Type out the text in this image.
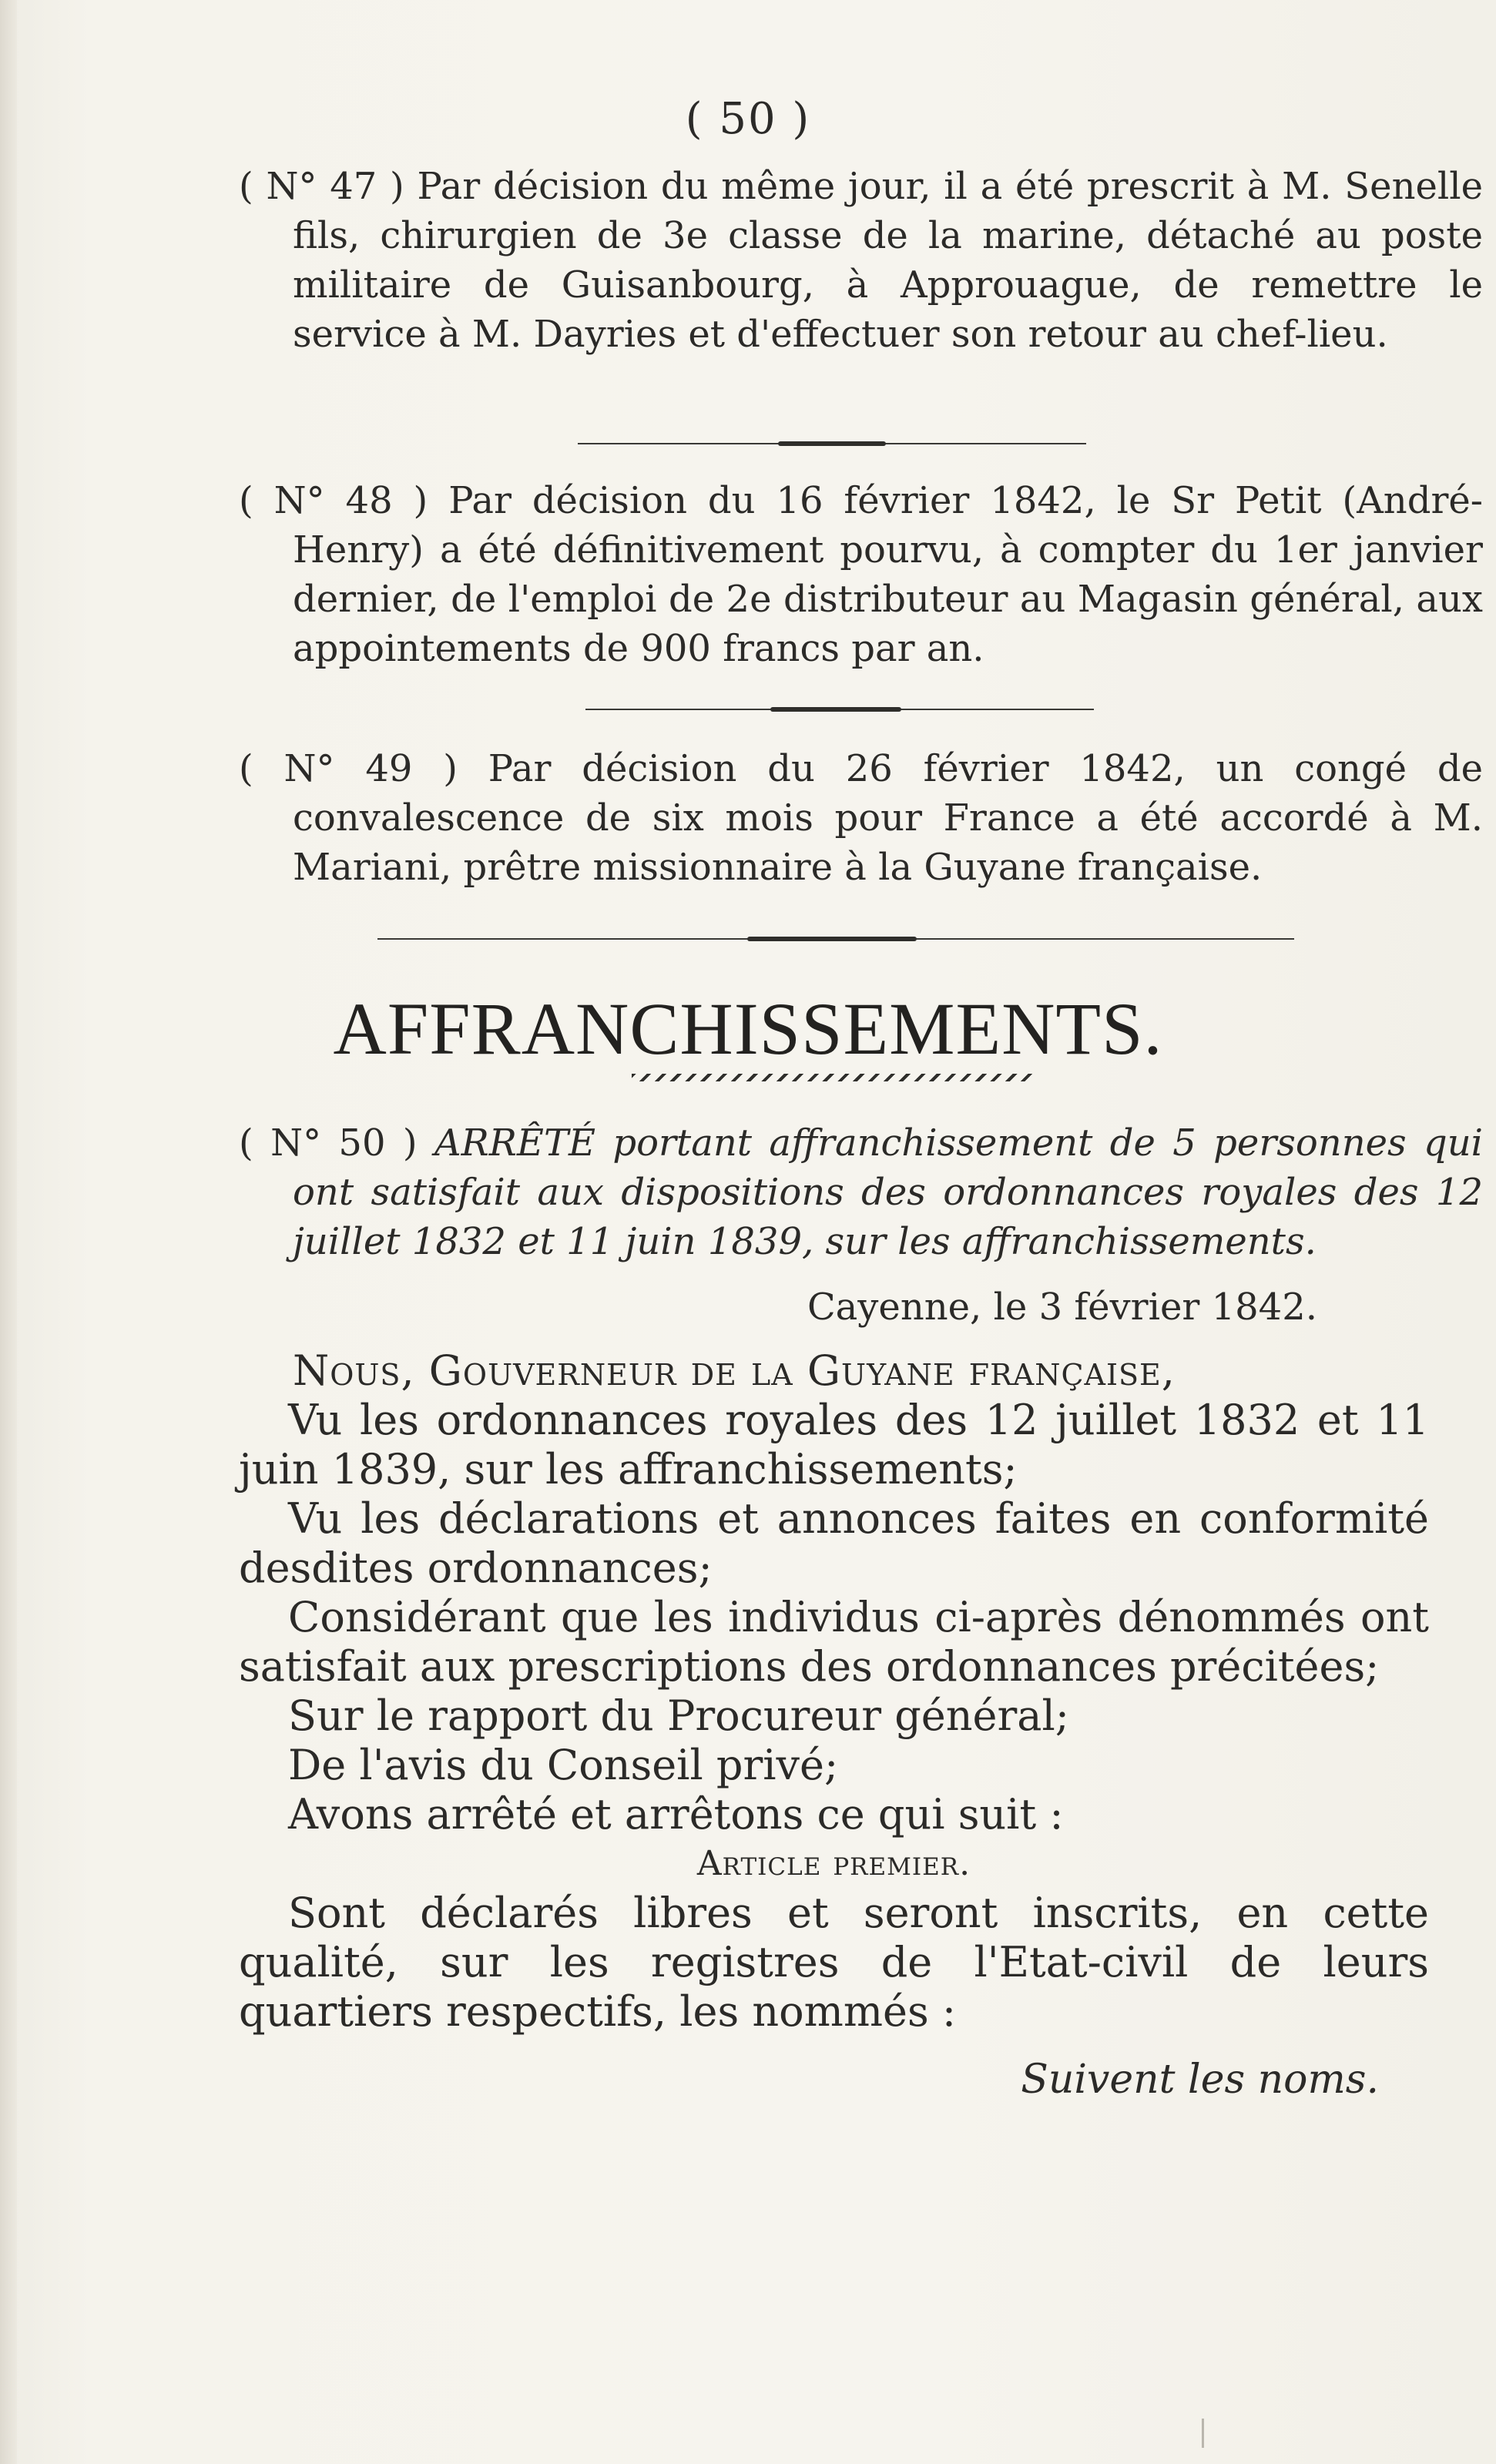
( 50 )
( N° 47 ) Par décision du même jour, il a été prescrit à M. Senelle fils, chirurgien de 3e classe de la marine, détaché au poste militaire de Guisanbourg, à Approuague, de remettre le service à M. Dayries et d'effectuer son retour au chef-lieu.
( N° 48 ) Par décision du 16 février 1842, le Sr Petit (André-Henry) a été définitivement pourvu, à compter du 1er janvier dernier, de l'emploi de 2e distributeur au Magasin général, aux appointements de 900 francs par an.
( N° 49 ) Par décision du 26 février 1842, un congé de convalescence de six mois pour France a été accordé à M. Mariani, prêtre missionnaire à la Guyane française.
AFFRANCHISSEMENTS.
( N° 50 ) ARRÊTÉ portant affranchissement de 5 personnes qui ont satisfait aux dispositions des ordonnances royales des 12 juillet 1832 et 11 juin 1839, sur les affranchissements.
Cayenne, le 3 février 1842.

Nous, Gouverneur de la Guyane française,

Vu les ordonnances royales des 12 juillet 1832 et 11 juin 1839, sur les affranchissements;

Vu les déclarations et annonces faites en conformité desdites ordonnances;

Considérant que les individus ci-après dénommés ont satisfait aux prescriptions des ordonnances précitées;

Sur le rapport du Procureur général;

De l'avis du Conseil privé;

Avons arrêté et arrêtons ce qui suit :

Article premier.

Sont déclarés libres et seront inscrits, en cette qualité, sur les registres de l'Etat-civil de leurs quartiers respectifs, les nommés :

Suivent les noms.
